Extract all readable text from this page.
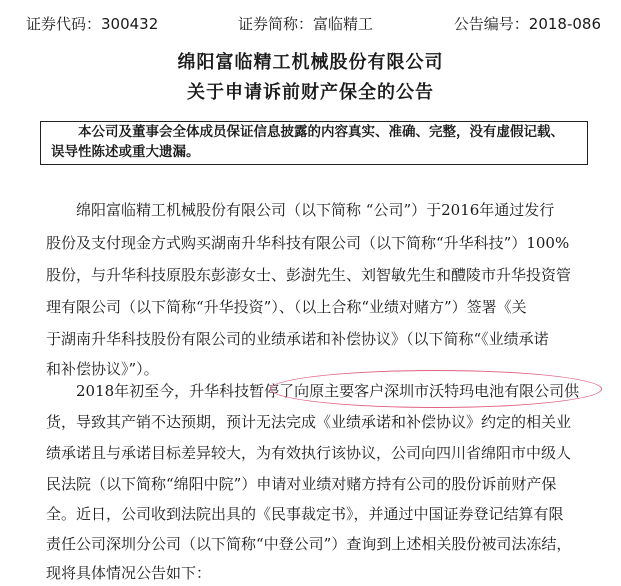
证券代码：300432	证券简称：富临精工	公告编号：2018-086
绵阳富临精工机械股份有限公司
关于申请诉前财产保全的公告

本公司及董事会全体成员保证信息披露的内容真实、准确、完整，没有虚假记载、

误导性陈述或重大遗漏。

绵阳富临精工机械股份有限公司（以下简称 “公司”）于2016年通过发行
股份及支付现金方式购买湖南升华科技有限公司（以下简称“升华科技”）100%
股份，与升华科技原股东彭澎女士、彭澍先生、刘智敏先生和醴陵市升华投资管
理有限公司（以下简称“升华投资”）、（以上合称“业绩对赌方”）签署《关
于湖南升华科技股份有限公司的业绩承诺和补偿协议》（以下简称“《业绩承诺
和补偿协议》”）。
2018年初至今，升华科技暂停了向原主要客户深圳市沃特玛电池有限公司供
货，导致其产销不达预期，预计无法完成《业绩承诺和补偿协议》约定的相关业
绩承诺且与承诺目标差异较大，为有效执行该协议，公司向四川省绵阳市中级人
民法院（以下简称“绵阳中院”）申请对业绩对赌方持有公司的股份诉前财产保
全。近日，公司收到法院出具的《民事裁定书》，并通过中国证券登记结算有限
责任公司深圳分公司（以下简称“中登公司”）查询到上述相关股份被司法冻结，
现将具体情况公告如下：
